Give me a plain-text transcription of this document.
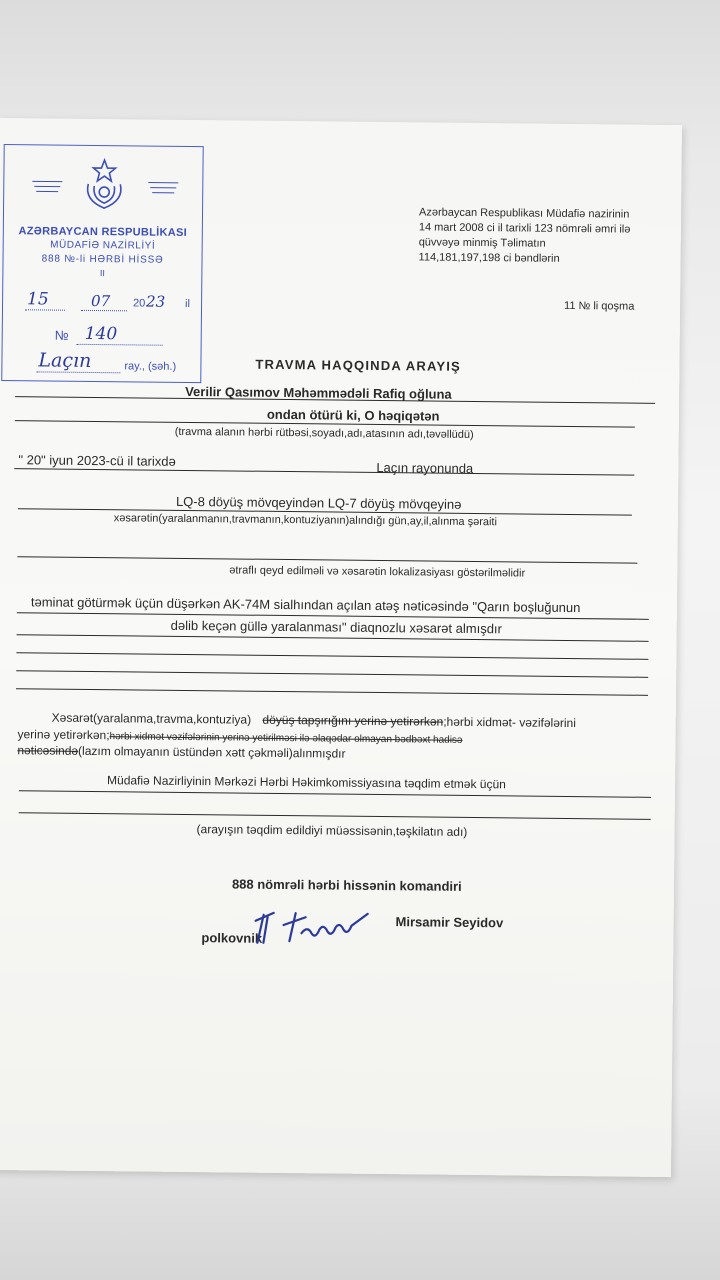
AZƏRBAYCAN RESPUBLİKASI
MÜDAFİƏ NAZİRLİYİ
888 №-li HƏRBİ HİSSƏ
II
15	07 20 23 il
№ 140
Laçın	ray., (səh.)
Azərbaycan Respublikası Müdafiə nazirinin
14 mart 2008 ci il tarixli 123 nömrəli əmri ilə
qüvvəyə minmiş Təlimatın
114,181,197,198 ci bəndlərin
11 № li qoşma
TRAVMA HAQQINDA ARAYIŞ
Verilir Qasımov Məhəmmədəli Rafiq oğluna
ondan ötürü ki, O həqiqətən
(travma alanın hərbi rütbəsi,soyadı,adı,atasının adı,təvəllüdü)
" 20" iyun 2023-cü il tarixdə	Laçın rayonunda
LQ-8 döyüş mövqeyindən LQ-7 döyüş mövqeyinə
xəsarətin(yaralanmanın,travmanın,kontuziyanın)alındığı gün,ay,il,alınma şəraiti
ətraflı qeyd edilməli və xəsarətin lokalizasiyası göstərilməlidir
təminat götürmək üçün düşərkən AK-74M sialhından açılan atəş nəticəsində "Qarın boşluğunun
dəlib keçən güllə yaralanması" diaqnozlu xəsarət almışdır
Xəsarət(yaralanma,travma,kontuziya) döyüş tapşırığını yerinə yetirərkən;hərbi xidmət- vəzifələrini
yerinə yetirərkən;hərbi xidmət vəzifələrinin yerinə yetirilməsi ilə əlaqədar olmayan bədbəxt hadisə
nəticəsində(lazım olmayanın üstündən xətt çəkməli)alınmışdır
Müdafiə Nazirliyinin Mərkəzi Hərbi Həkimkomissiyasına təqdim etmək üçün
(arayışın təqdim edildiyi müəssisənin,təşkilatın adı)
888 nömrəli hərbi hissənin komandiri
polkovnik
Mirsamir Seyidov
